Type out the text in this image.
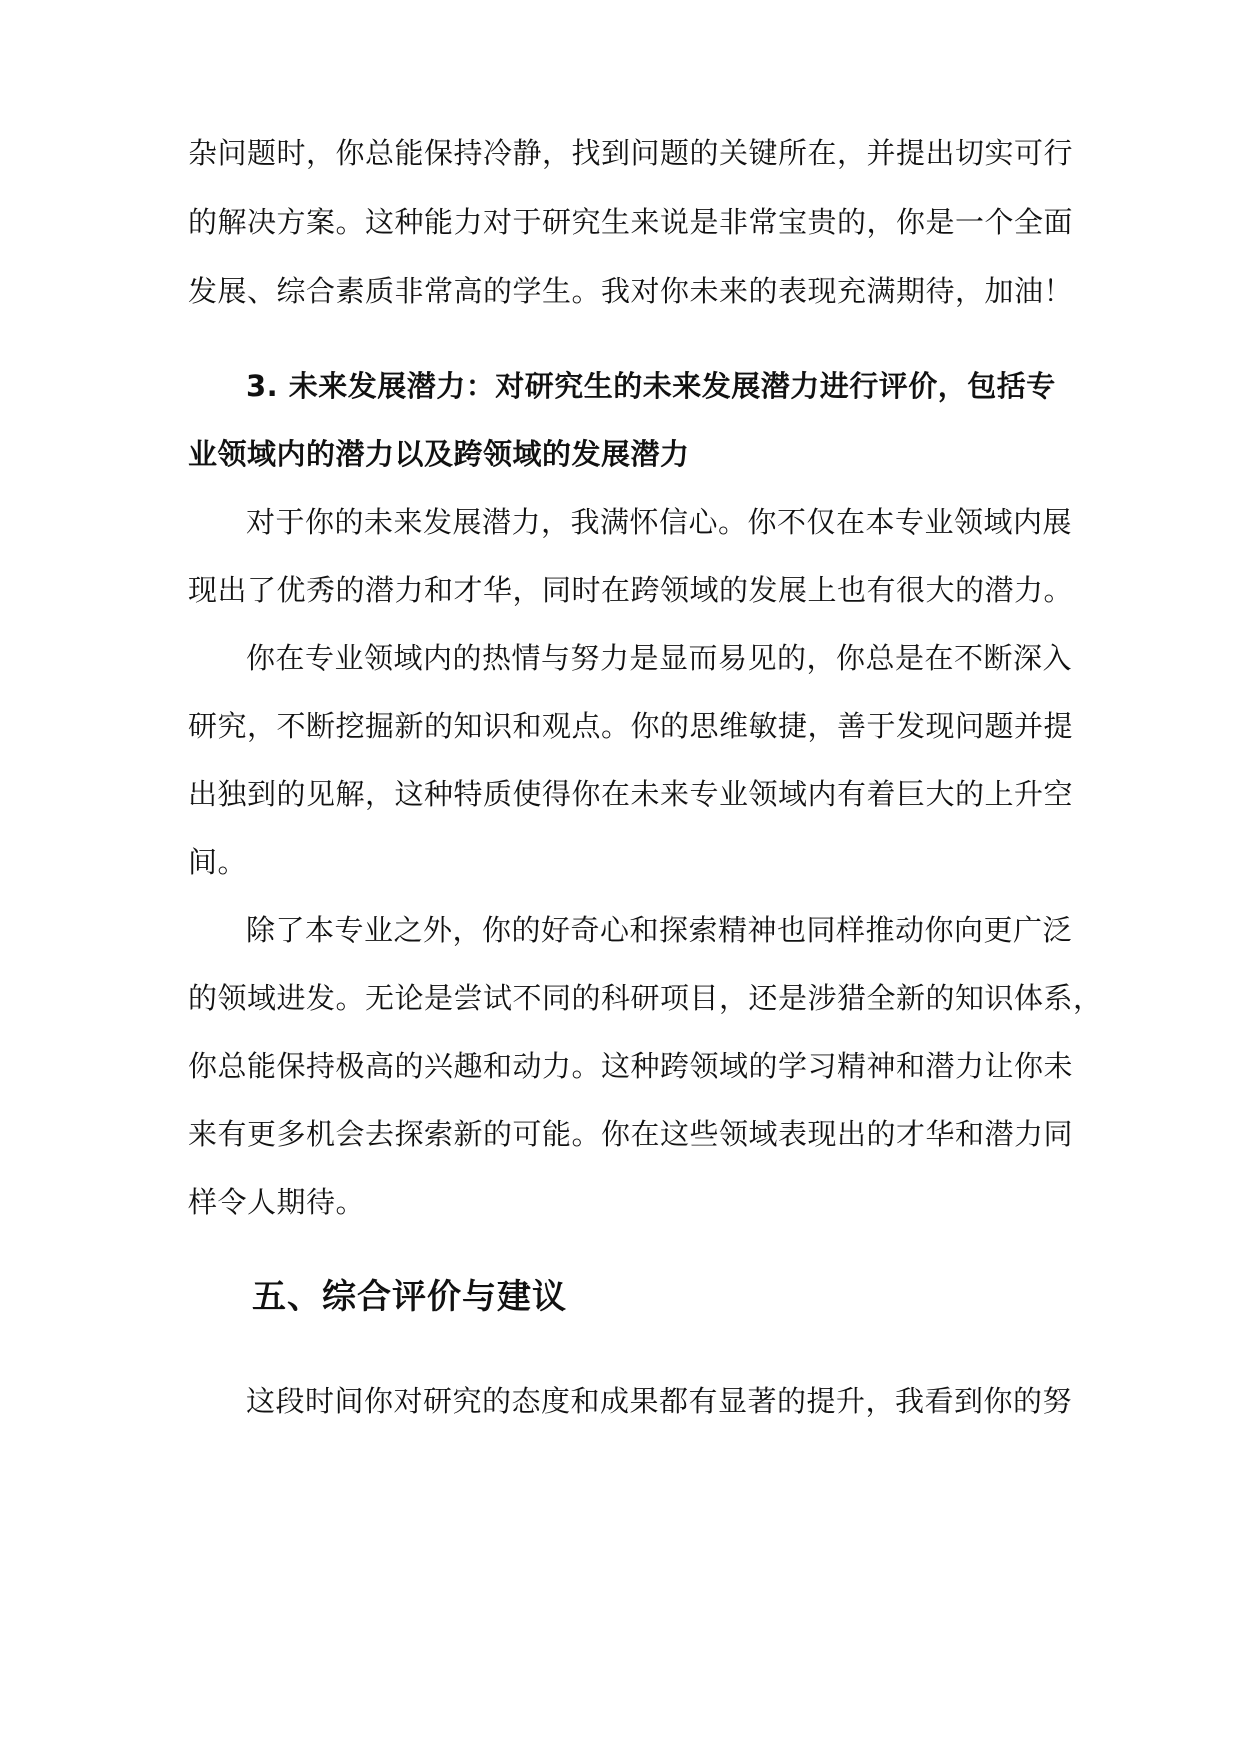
杂问题时，你总能保持冷静，找到问题的关键所在，并提出切实可行
的解决方案。这种能力对于研究生来说是非常宝贵的，你是一个全面
发展、综合素质非常高的学生。我对你未来的表现充满期待，加油！
3. 未来发展潜力：对研究生的未来发展潜力进行评价，包括专
业领域内的潜力以及跨领域的发展潜力
对于你的未来发展潜力，我满怀信心。你不仅在本专业领域内展
现出了优秀的潜力和才华，同时在跨领域的发展上也有很大的潜力。
你在专业领域内的热情与努力是显而易见的，你总是在不断深入
研究，不断挖掘新的知识和观点。你的思维敏捷，善于发现问题并提
出独到的见解，这种特质使得你在未来专业领域内有着巨大的上升空
间。
除了本专业之外，你的好奇心和探索精神也同样推动你向更广泛
的领域进发。无论是尝试不同的科研项目，还是涉猎全新的知识体系，
你总能保持极高的兴趣和动力。这种跨领域的学习精神和潜力让你未
来有更多机会去探索新的可能。你在这些领域表现出的才华和潜力同
样令人期待。
五、综合评价与建议
这段时间你对研究的态度和成果都有显著的提升，我看到你的努
